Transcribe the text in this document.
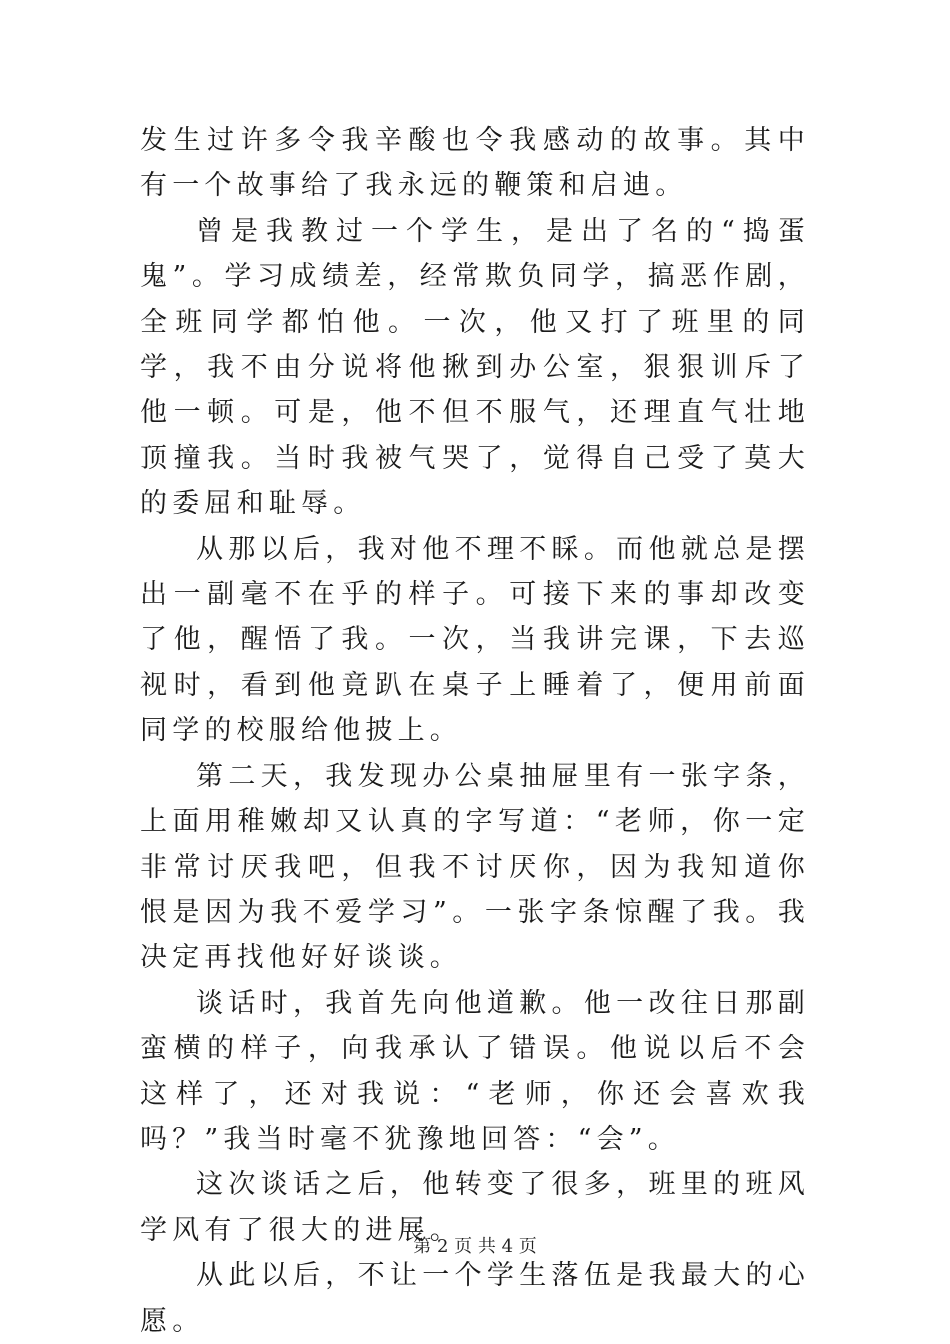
发生过许多令我辛酸也令我感动的故事。其中有一个故事给了我永远的鞭策和启迪。

曾是我教过一个学生，是出了名的“捣蛋鬼”。学习成绩差，经常欺负同学，搞恶作剧，全班同学都怕他。一次，他又打了班里的同学，我不由分说将他揪到办公室，狠狠训斥了他一顿。可是，他不但不服气，还理直气壮地顶撞我。当时我被气哭了，觉得自己受了莫大的委屈和耻辱。

从那以后，我对他不理不睬。而他就总是摆出一副毫不在乎的样子。可接下来的事却改变了他，醒悟了我。一次，当我讲完课，下去巡视时，看到他竟趴在桌子上睡着了，便用前面同学的校服给他披上。

第二天，我发现办公桌抽屉里有一张字条，上面用稚嫩却又认真的字写道：“老师，你一定非常讨厌我吧，但我不讨厌你，因为我知道你恨是因为我不爱学习”。一张字条惊醒了我。我决定再找他好好谈谈。

谈话时，我首先向他道歉。他一改往日那副蛮横的样子，向我承认了错误。他说以后不会这样了，还对我说：“老师，你还会喜欢我吗？”我当时毫不犹豫地回答：“会”。

这次谈话之后，他转变了很多，班里的班风学风有了很大的进展。

从此以后，不让一个学生落伍是我最大的心愿。

第 2 页 共 4 页
